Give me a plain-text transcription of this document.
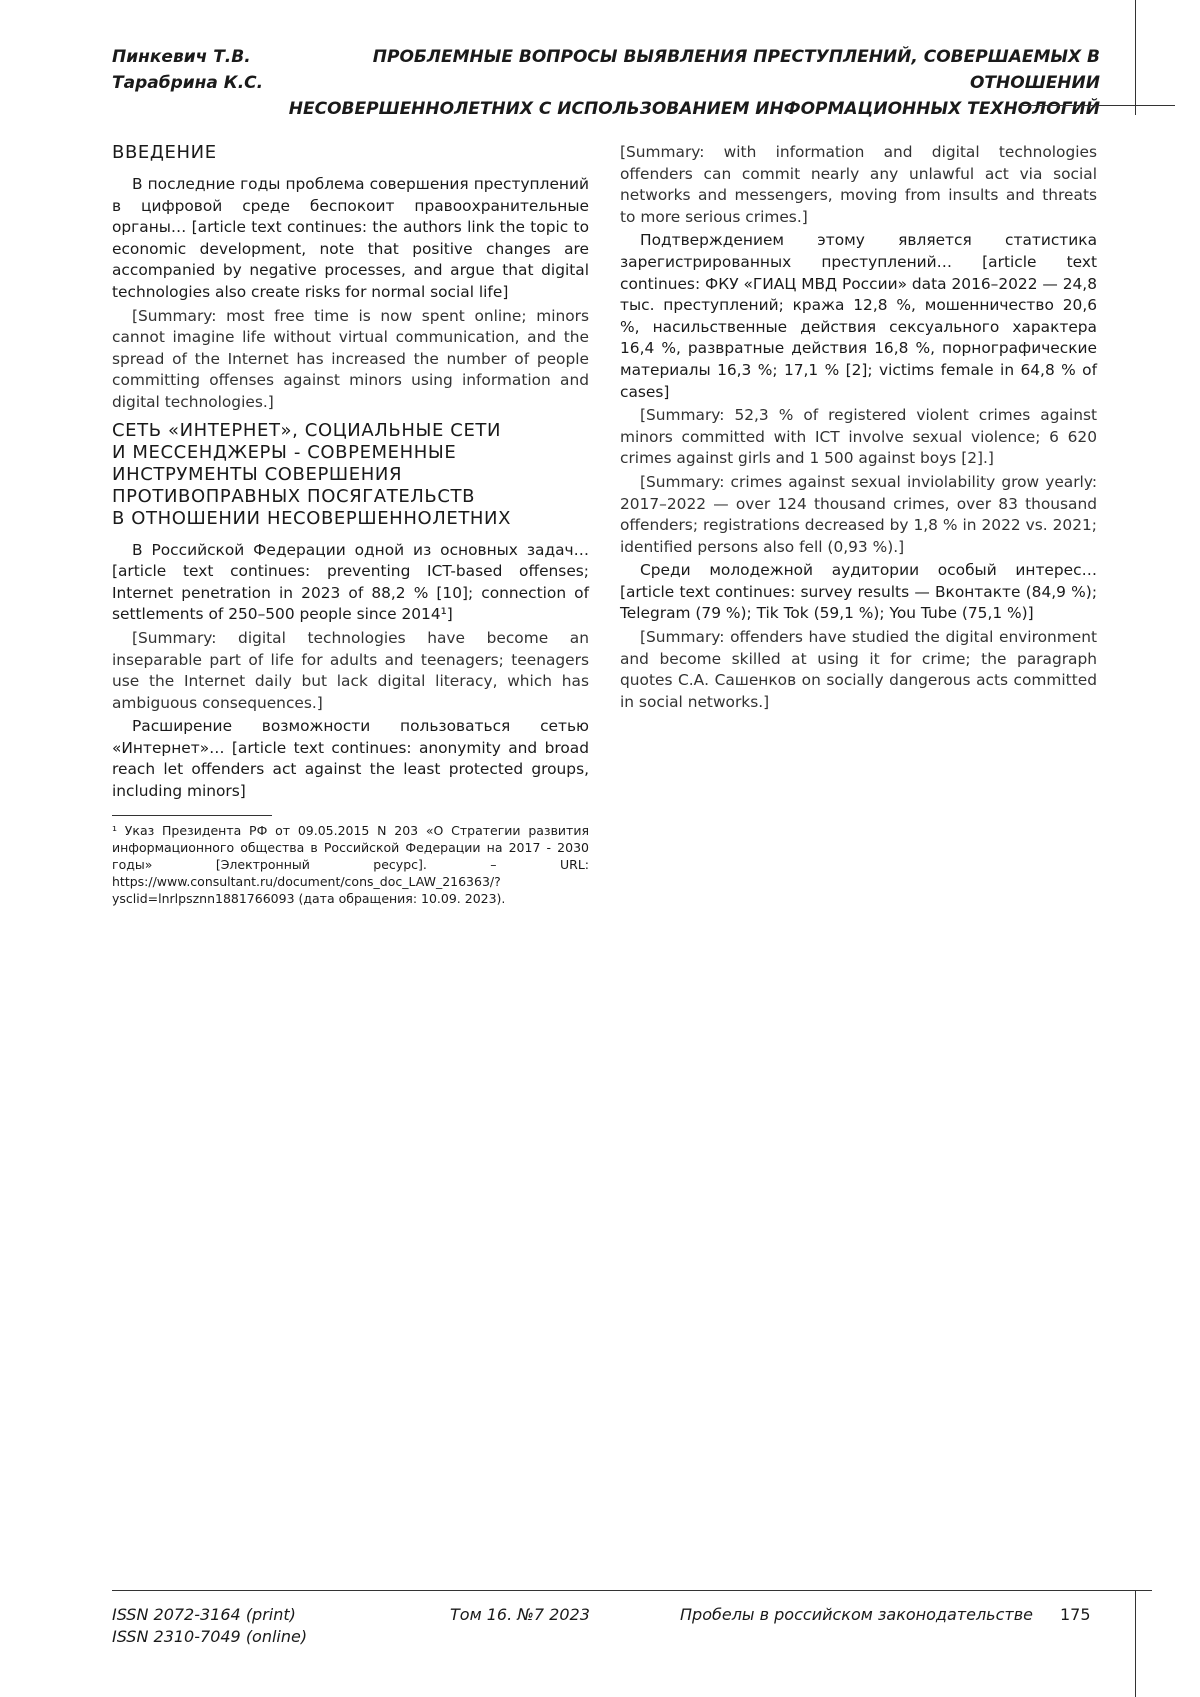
Пинкевич Т.В.
Тарабрина К.С.
ПРОБЛЕМНЫЕ ВОПРОСЫ ВЫЯВЛЕНИЯ ПРЕСТУПЛЕНИЙ, СОВЕРШАЕМЫХ В ОТНОШЕНИИ
НЕСОВЕРШЕННОЛЕТНИХ С ИСПОЛЬЗОВАНИЕМ ИНФОРМАЦИОННЫХ ТЕХНОЛОГИЙ
ВВЕДЕНИЕ

В последние годы проблема совершения преступлений в цифровой среде беспокоит правоохранительные органы… [article text continues: the authors link the topic to economic development, note that positive changes are accompanied by negative processes, and argue that digital technologies also create risks for normal social life]

[Summary: most free time is now spent online; minors cannot imagine life without virtual communication, and the spread of the Internet has increased the number of people committing offenses against minors using information and digital technologies.]

СЕТЬ «ИНТЕРНЕТ», СОЦИАЛЬНЫЕ СЕТИ
И МЕССЕНДЖЕРЫ - СОВРЕМЕННЫЕ
ИНСТРУМЕНТЫ СОВЕРШЕНИЯ
ПРОТИВОПРАВНЫХ ПОСЯГАТЕЛЬСТВ
В ОТНОШЕНИИ НЕСОВЕРШЕННОЛЕТНИХ

В Российской Федерации одной из основных задач… [article text continues: preventing ICT-based offenses; Internet penetration in 2023 of 88,2 % [10]; connection of settlements of 250–500 people since 2014¹]

[Summary: digital technologies have become an inseparable part of life for adults and teenagers; teenagers use the Internet daily but lack digital literacy, which has ambiguous consequences.]

Расширение возможности пользоваться сетью «Интернет»… [article text continues: anonymity and broad reach let offenders act against the least protected groups, including minors]

¹ Указ Президента РФ от 09.05.2015 N 203 «О Стратегии развития информационного общества в Российской Федерации на 2017 - 2030 годы» [Электронный ресурс]. – URL: https://www.consultant.ru/document/cons_doc_LAW_216363/?ysclid=lnrlpsznn1881766093 (дата обращения: 10.09. 2023).

[Summary: with information and digital technologies offenders can commit nearly any unlawful act via social networks and messengers, moving from insults and threats to more serious crimes.]

Подтверждением этому является статистика зарегистрированных преступлений… [article text continues: ФКУ «ГИАЦ МВД России» data 2016–2022 — 24,8 тыс. преступлений; кража 12,8 %, мошенничество 20,6 %, насильственные действия сексуального характера 16,4 %, развратные действия 16,8 %, порнографические материалы 16,3 %; 17,1 % [2]; victims female in 64,8 % of cases]

[Summary: 52,3 % of registered violent crimes against minors committed with ICT involve sexual violence; 6 620 crimes against girls and 1 500 against boys [2].]

[Summary: crimes against sexual inviolability grow yearly: 2017–2022 — over 124 thousand crimes, over 83 thousand offenders; registrations decreased by 1,8 % in 2022 vs. 2021; identified persons also fell (0,93 %).]

Среди молодежной аудитории особый интерес… [article text continues: survey results — Вконтакте (84,9 %); Telegram (79 %); Tik Tok (59,1 %); You Tube (75,1 %)]

[Summary: offenders have studied the digital environment and become skilled at using it for crime; the paragraph quotes С.А. Сашенков on socially dangerous acts committed in social networks.]

ISSN 2072-3164 (print)
ISSN 2310-7049 (online)
Том 16. №7 2023	Пробелы в российском законодательстве 175
